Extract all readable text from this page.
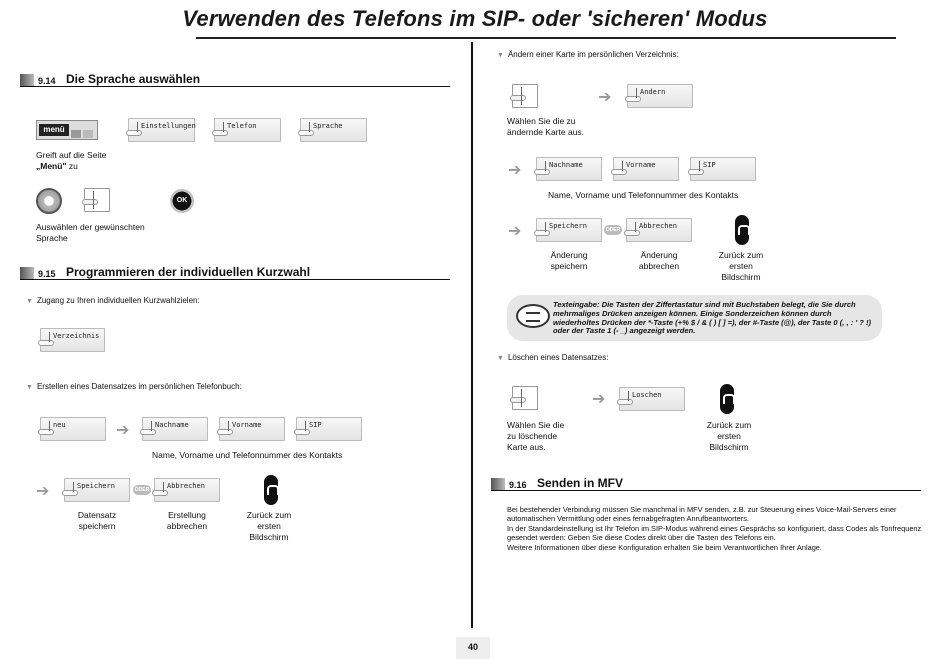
Verwenden des Telefons im SIP- oder 'sicheren' Modus
9.14 Die Sprache auswählen
menü	Einstellungen	Telefon	Sprache
Greift auf die Seite
„Menü" zu
OK
Auswählen der gewünschten Sprache
9.15 Programmieren der individuellen Kurzwahl
▼ Zugang zu Ihren individuellen Kurzwahlzielen:
Verzeichnis
▼ Erstellen eines Datensatzes im persönlichen Telefonbuch:
neu	➔	Nachname	Vorname	SIP
Name, Vorname und Telefonnummer des Kontakts
➔	Speichern	ODER	Abbrechen
Datensatz speichern
Erstellung abbrechen
Zurück zum ersten Bildschirm
▼ Ändern einer Karte im persönlichen Verzeichnis:
➔	Andern
Wählen Sie die zu ändernde Karte aus.
➔	Nachname	Vorname	SIP
Name, Vorname und Telefonnummer des Kontakts
➔	Speichern	ODER	Abbrechen
Änderung speichern
Änderung abbrechen
Zurück zum ersten Bildschirm
Texteingabe: Die Tasten der Ziffertastatur sind mit Buchstaben belegt, die Sie durch mehrmaliges Drücken anzeigen können. Einige Sonderzeichen können durch wiederholtes Drücken der *-Taste (+% $ / & ( ) [ ] =), der #-Taste (@), der Taste 0 (, , : ' ? !) oder der Taste 1 (- _) angezeigt werden.
▼ Löschen eines Datensatzes:
➔	Loschen
Wählen Sie die zu löschende Karte aus.
Zurück zum ersten Bildschirm
9.16 Senden in MFV
Bei bestehender Verbindung müssen Sie manchmal in MFV senden, z.B. zur Steuerung eines Voice-Mail-Servers einer automatischen Vermittlung oder eines fernabgefragten Anrufbeantworters.
In der Standardeinstellung ist Ihr Telefon im SIP-Modus während eines Gesprächs so konfiguriert, dass Codes als Tonfrequenz gesendet werden: Geben Sie diese Codes direkt über die Tasten des Telefons ein.
Weitere Informationen über diese Konfiguration erhalten Sie beim Verantwortlichen Ihrer Anlage.
40
